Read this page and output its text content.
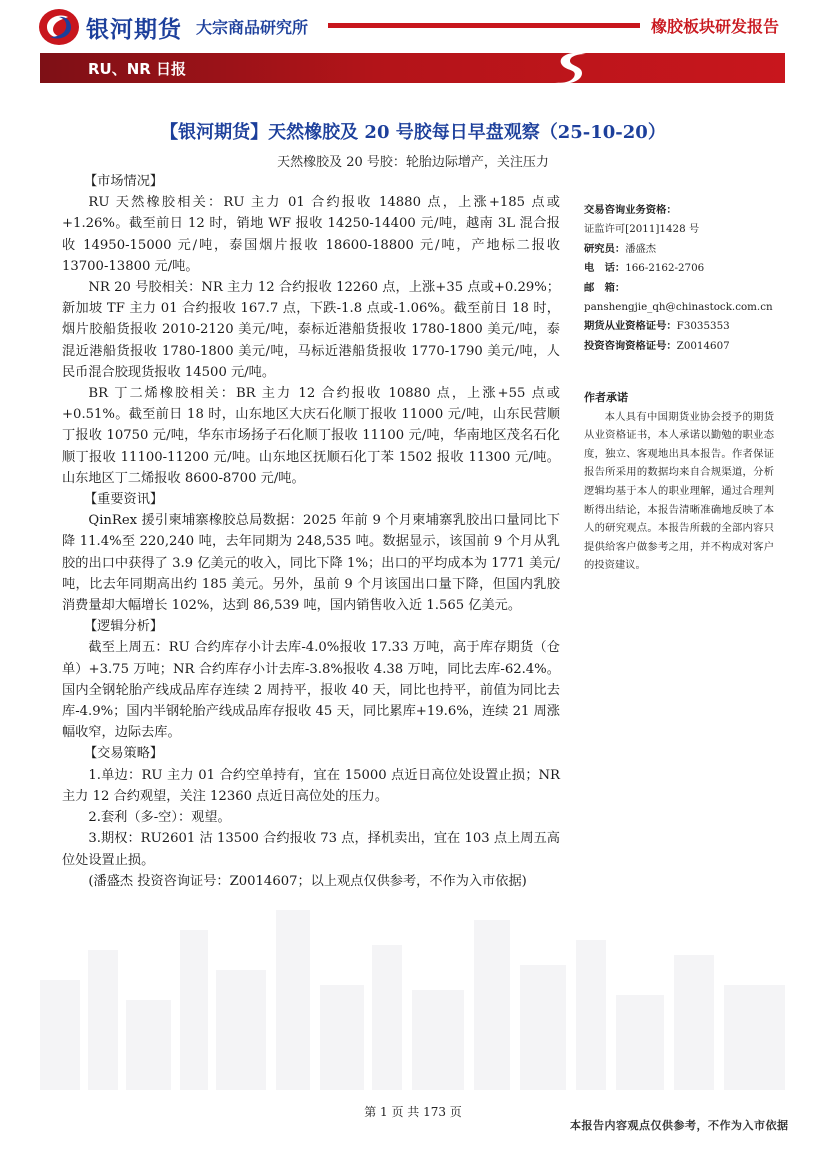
银河期货 大宗商品研究所	橡胶板块研发报告
RU、NR 日报
【银河期货】天然橡胶及 20 号胶每日早盘观察（25-10-20）
天然橡胶及 20 号胶：轮胎边际增产，关注压力

【市场情况】

RU 天然橡胶相关：RU 主力 01 合约报收 14880 点，上涨+185 点或+1.26%。截至前日 12 时，销地 WF 报收 14250-14400 元/吨，越南 3L 混合报收 14950-15000 元/吨，泰国烟片报收 18600-18800 元/吨，产地标二报收 13700-13800 元/吨。

NR 20 号胶相关：NR 主力 12 合约报收 12260 点，上涨+35 点或+0.29%；新加坡 TF 主力 01 合约报收 167.7 点，下跌-1.8 点或-1.06%。截至前日 18 时，烟片胶船货报收 2010-2120 美元/吨，泰标近港船货报收 1780-1800 美元/吨，泰混近港船货报收 1780-1800 美元/吨，马标近港船货报收 1770-1790 美元/吨，人民币混合胶现货报收 14500 元/吨。

BR 丁二烯橡胶相关：BR 主力 12 合约报收 10880 点，上涨+55 点或+0.51%。截至前日 18 时，山东地区大庆石化顺丁报收 11000 元/吨，山东民营顺丁报收 10750 元/吨，华东市场扬子石化顺丁报收 11100 元/吨，华南地区茂名石化顺丁报收 11100-11200 元/吨。山东地区抚顺石化丁苯 1502 报收 11300 元/吨。山东地区丁二烯报收 8600-8700 元/吨。

【重要资讯】

QinRex 援引柬埔寨橡胶总局数据：2025 年前 9 个月柬埔寨乳胶出口量同比下降 11.4%至 220,240 吨，去年同期为 248,535 吨。数据显示，该国前 9 个月从乳胶的出口中获得了 3.9 亿美元的收入，同比下降 1%；出口的平均成本为 1771 美元/吨，比去年同期高出约 185 美元。另外，虽前 9 个月该国出口量下降，但国内乳胶消费量却大幅增长 102%，达到 86,539 吨，国内销售收入近 1.565 亿美元。

【逻辑分析】

截至上周五：RU 合约库存小计去库-4.0%报收 17.33 万吨，高于库存期货（仓单）+3.75 万吨；NR 合约库存小计去库-3.8%报收 4.38 万吨，同比去库-62.4%。国内全钢轮胎产线成品库存连续 2 周持平，报收 40 天，同比也持平，前值为同比去库-4.9%；国内半钢轮胎产线成品库存报收 45 天，同比累库+19.6%，连续 21 周涨幅收窄，边际去库。

【交易策略】

1.单边：RU 主力 01 合约空单持有，宜在 15000 点近日高位处设置止损；NR 主力 12 合约观望，关注 12360 点近日高位处的压力。

2.套利（多-空）：观望。

3.期权：RU2601 沽 13500 合约报收 73 点，择机卖出，宜在 103 点上周五高位处设置止损。

(潘盛杰 投资咨询证号：Z0014607；以上观点仅供参考，不作为入市依据)

交易咨询业务资格：
证监许可[2011]1428 号
研究员：潘盛杰
电　话：166-2162-2706
邮　箱：
panshengjie_qh@chinastock.com.cn
期货从业资格证号：F3035353
投资咨询资格证号：Z0014607
作者承诺

本人具有中国期货业协会授予的期货从业资格证书，本人承诺以勤勉的职业态度，独立、客观地出具本报告。作者保证报告所采用的数据均来自合规渠道，分析逻辑均基于本人的职业理解，通过合理判断得出结论，本报告清晰准确地反映了本人的研究观点。本报告所载的全部内容只提供给客户做参考之用，并不构成对客户的投资建议。

第 1 页 共 173 页
本报告内容观点仅供参考，不作为入市依据
